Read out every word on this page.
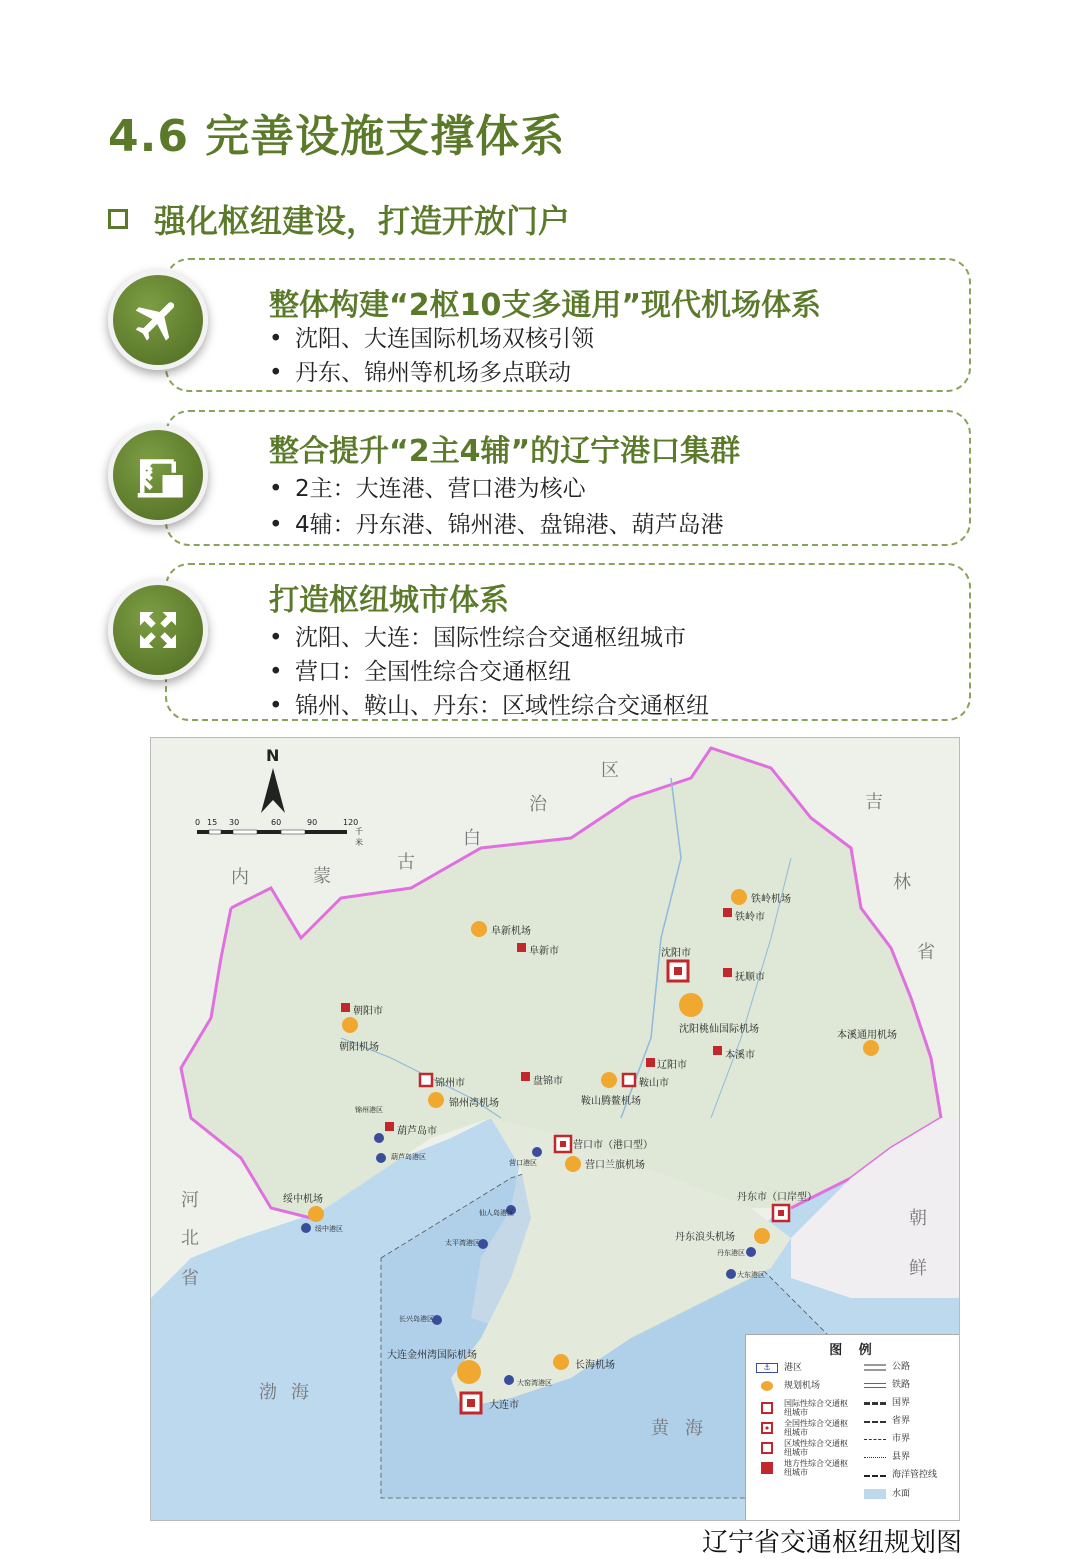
4.6 完善设施支撑体系
强化枢纽建设，打造开放门户
整体构建“2枢10支多通用”现代机场体系
• 沈阳、大连国际机场双核引领
• 丹东、锦州等机场多点联动
整合提升“2主4辅”的辽宁港口集群
• 2主：大连港、营口港为核心
• 4辅：丹东港、锦州港、盘锦港、葫芦岛港
打造枢纽城市体系
• 沈阳、大连：国际性综合交通枢纽城市
• 营口：全国性综合交通枢纽
• 锦州、鞍山、丹东：区域性综合交通枢纽
N
0 15 30	60	90	120
千米
内	蒙
古
白
治
区
吉
林
省
河
北
省
朝
鲜
渤 海
黄 海
沈阳市
铁岭市
抚顺市
本溪市
辽阳市
鞍山市
阜新市
朝阳市
锦州市	盘锦市
葫芦岛市
营口市（港口型）
丹东市（口岸型）
大连市
铁岭机场
阜新机场
沈阳桃仙国际机场
本溪通用机场
朝阳机场
锦州湾机场	鞍山腾鳌机场
营口兰旗机场
绥中机场
丹东浪头机场
大连金州湾国际机场
长海机场
锦州港区
葫芦岛港区
绥中港区
营口港区
仙人岛港区
太平湾港区
长兴岛港区
大窑湾港区
丹东港区
大东港区
图 例
⚓	港区
规划机场
国际性综合交通枢纽城市
全国性综合交通枢纽城市
区域性综合交通枢纽城市
地方性综合交通枢纽城市
公路
铁路
国界
省界
市界
县界
海洋管控线
水面
辽宁省交通枢纽规划图
